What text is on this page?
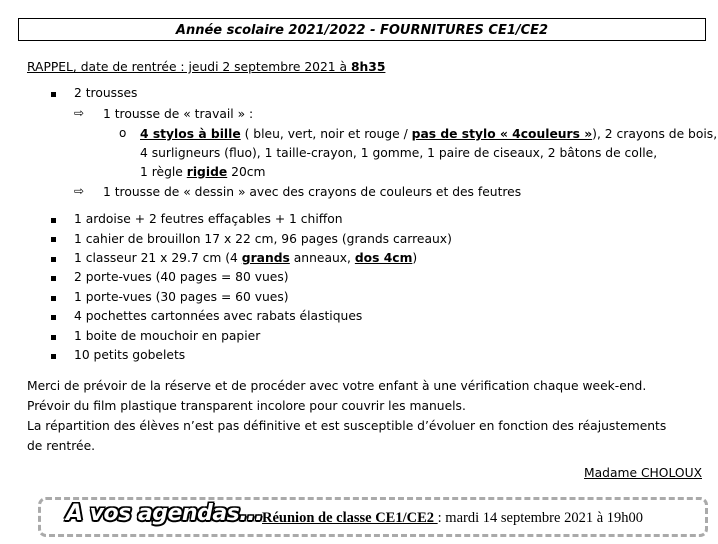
Année scolaire 2021/2022 - FOURNITURES CE1/CE2
RAPPEL, date de rentrée : jeudi 2 septembre 2021 à 8h35
2 trousses
⇨ 1 trousse de « travail » :
o 4 stylos à bille ( bleu, vert, noir et rouge / pas de stylo « 4couleurs »), 2 crayons de bois,
4 surligneurs (fluo), 1 taille-crayon, 1 gomme, 1 paire de ciseaux, 2 bâtons de colle,
1 règle rigide 20cm
⇨ 1 trousse de « dessin » avec des crayons de couleurs et des feutres
1 ardoise + 2 feutres effaçables + 1 chiffon
1 cahier de brouillon 17 x 22 cm, 96 pages (grands carreaux)
1 classeur 21 x 29.7 cm (4 grands anneaux, dos 4cm)
2 porte-vues (40 pages = 80 vues)
1 porte-vues (30 pages = 60 vues)
4 pochettes cartonnées avec rabats élastiques
1 boite de mouchoir en papier
10 petits gobelets
Merci de prévoir de la réserve et de procéder avec votre enfant à une vérification chaque week-end.
Prévoir du film plastique transparent incolore pour couvrir les manuels.
La répartition des élèves n’est pas définitive et est susceptible d’évoluer en fonction des réajustements
de rentrée.
Madame CHOLOUX
A vos agendas... Réunion de classe CE1/CE2 : mardi 14 septembre 2021 à 19h00
